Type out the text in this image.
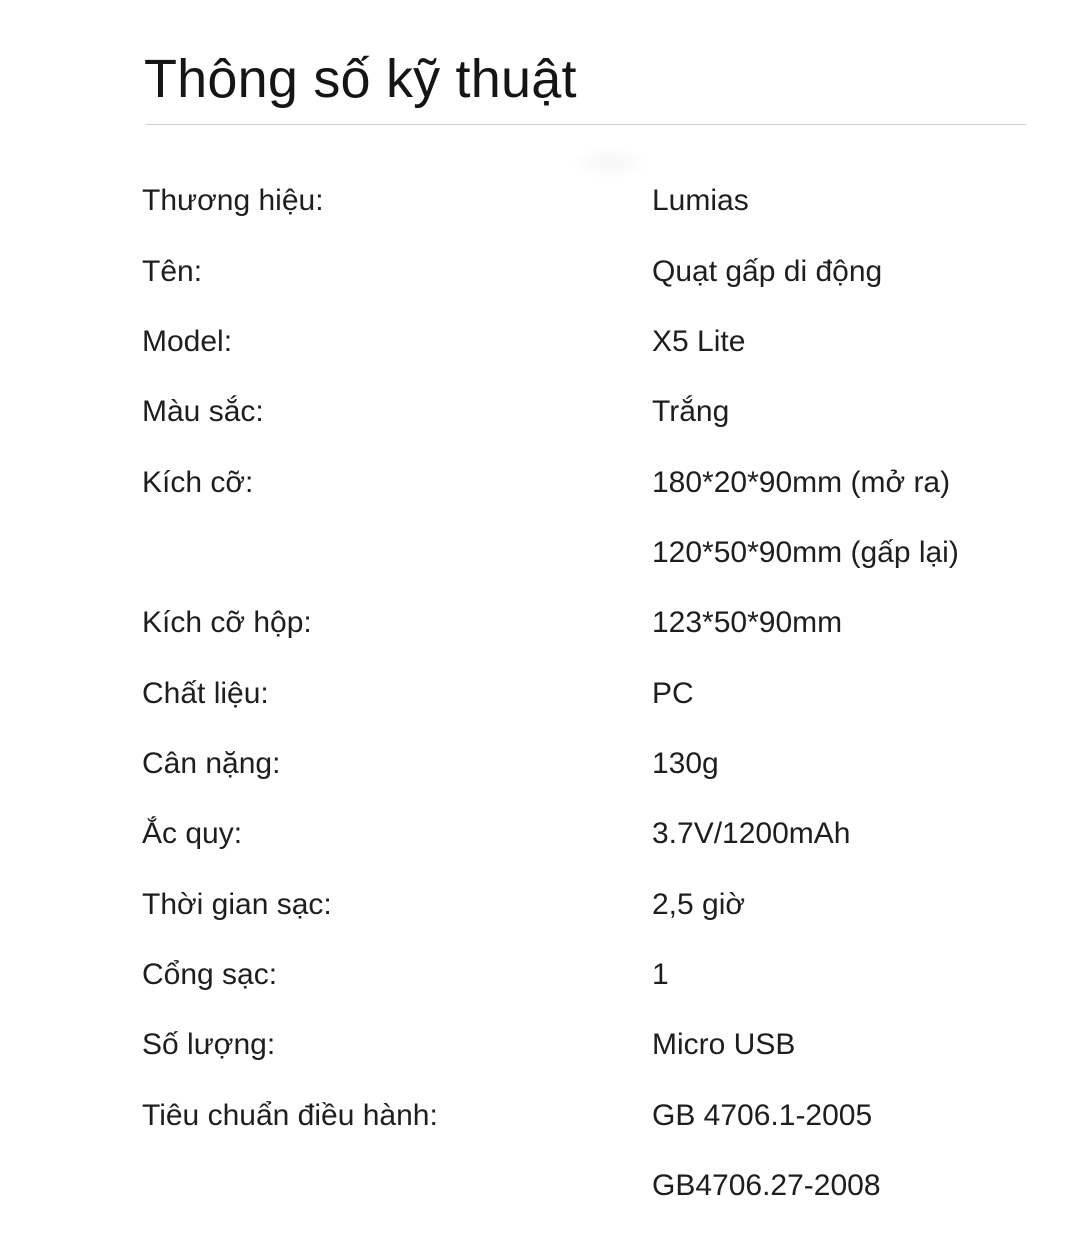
Thông số kỹ thuật
Thương hiệu:	Lumias
Tên:	Quạt gấp di động
Model:	X5 Lite
Màu sắc:	Trắng
Kích cỡ:	180*20*90mm (mở ra)
120*50*90mm (gấp lại)
Kích cỡ hộp:	123*50*90mm
Chất liệu:	PC
Cân nặng:	130g
Ắc quy:	3.7V/1200mAh
Thời gian sạc:	2,5 giờ
Cổng sạc:	1
Số lượng:	Micro USB
Tiêu chuẩn điều hành:	GB 4706.1-2005
GB4706.27-2008
